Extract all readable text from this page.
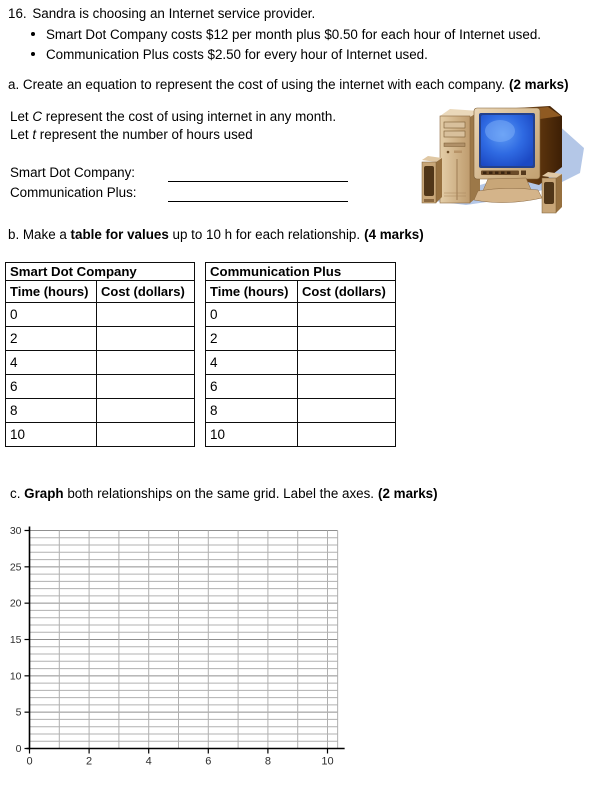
16. Sandra is choosing an Internet service provider.
Smart Dot Company costs $12 per month plus $0.50 for each hour of Internet used.
Communication Plus costs $2.50 for every hour of Internet used.
a. Create an equation to represent the cost of using the internet with each company. (2 marks)
Let C represent the cost of using internet in any month.
Let t represent the number of hours used
Smart Dot Company:
Communication Plus:
b. Make a table for values up to 10 h for each relationship. (4 marks)
Smart Dot Company	
Time (hours)	Cost (dollars)
0	
2	
4	
6	
8	
10	
Communication Plus	
Time (hours)	Cost (dollars)
0	
2	
4	
6	
8	
10	
c. Graph both relationships on the same grid. Label the axes. (2 marks)
0
5
10
15
20
25
30
0	2	4	6	8	10
